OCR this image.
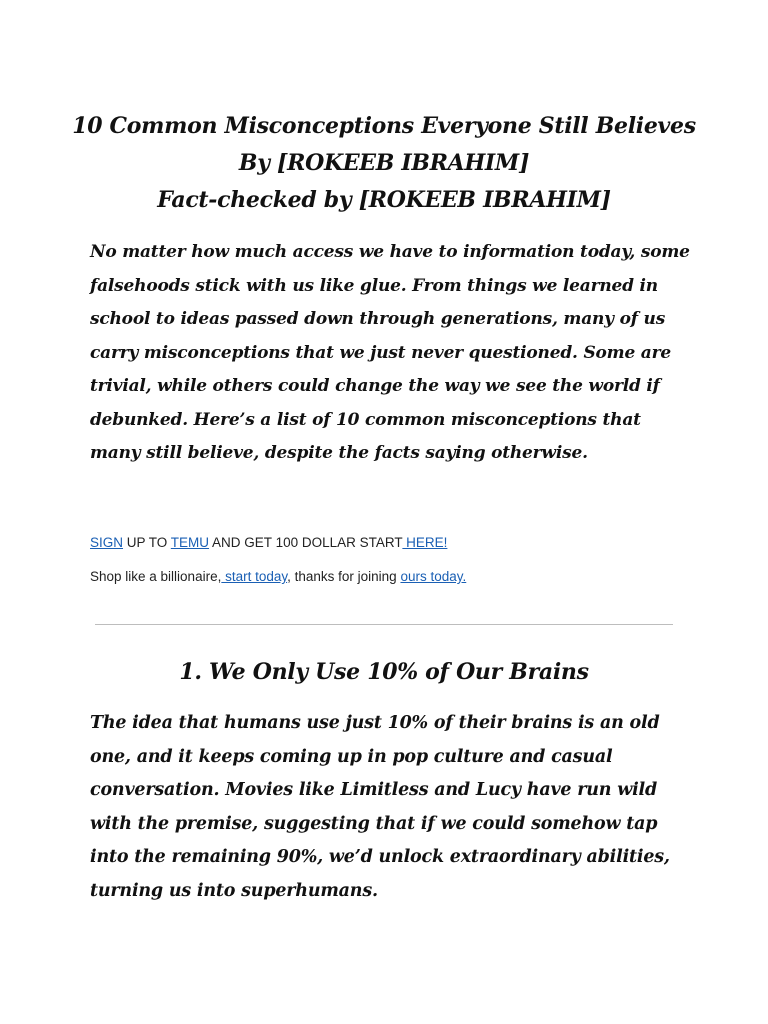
10 Common Misconceptions Everyone Still Believes
By [ROKEEB IBRAHIM]
Fact-checked by [ROKEEB IBRAHIM]

No matter how much access we have to information today, some falsehoods stick with us like glue. From things we learned in school to ideas passed down through generations, many of us carry misconceptions that we just never questioned. Some are trivial, while others could change the way we see the world if debunked. Here’s a list of 10 common misconceptions that many still believe, despite the facts saying otherwise.

SIGN UP TO TEMU AND GET 100 DOLLAR START HERE!

Shop like a billionaire, start today, thanks for joining ours today.

1. We Only Use 10% of Our Brains

The idea that humans use just 10% of their brains is an old one, and it keeps coming up in pop culture and casual conversation. Movies like Limitless and Lucy have run wild with the premise, suggesting that if we could somehow tap into the remaining 90%, we’d unlock extraordinary abilities, turning us into superhumans.
